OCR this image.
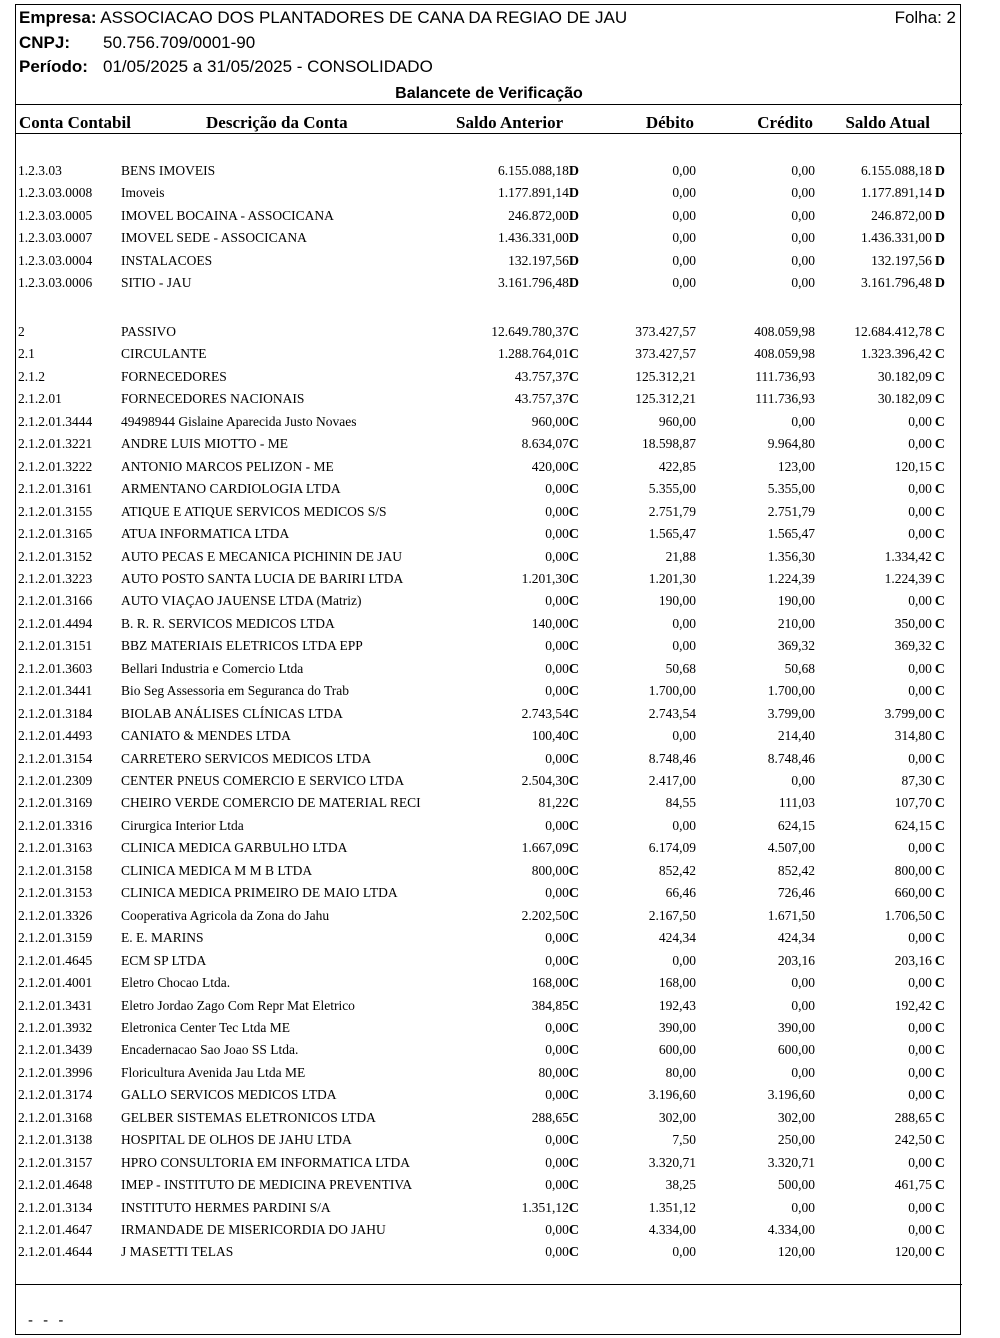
Empresa: ASSOCIACAO DOS PLANTADORES DE CANA DA REGIAO DE JAU	Folha: 2
CNPJ: 50.756.709/0001-90
Período: 01/05/2025 a 31/05/2025 - CONSOLIDADO
Balancete de Verificação
Conta Contabil	Descrição da Conta	Saldo Anterior	Débito	Crédito Saldo Atual
1.2.3.03	BENS IMOVEIS	6.155.088,18D	0,00	0,00	6.155.088,18 D
1.2.3.03.0008 Imoveis	1.177.891,14D	0,00	0,00	1.177.891,14 D
1.2.3.03.0005 IMOVEL BOCAINA - ASSOCICANA	246.872,00D	0,00	0,00	246.872,00 D
1.2.3.03.0007 IMOVEL SEDE - ASSOCICANA	1.436.331,00D	0,00	0,00	1.436.331,00 D
1.2.3.03.0004 INSTALACOES	132.197,56D	0,00	0,00	132.197,56 D
1.2.3.03.0006 SITIO - JAU	3.161.796,48D	0,00	0,00	3.161.796,48 D
2	PASSIVO	12.649.780,37C	373.427,57	408.059,98	12.684.412,78 C
2.1	CIRCULANTE	1.288.764,01C	373.427,57	408.059,98	1.323.396,42 C
2.1.2	FORNECEDORES	43.757,37C	125.312,21	111.736,93	30.182,09 C
2.1.2.01	FORNECEDORES NACIONAIS	43.757,37C	125.312,21	111.736,93	30.182,09 C
2.1.2.01.3444 49498944 Gislaine Aparecida Justo Novaes	960,00C	960,00	0,00	0,00 C
2.1.2.01.3221 ANDRE LUIS MIOTTO - ME	8.634,07C	18.598,87	9.964,80	0,00 C
2.1.2.01.3222 ANTONIO MARCOS PELIZON - ME	420,00C	422,85	123,00	120,15 C
2.1.2.01.3161 ARMENTANO CARDIOLOGIA LTDA	0,00C	5.355,00	5.355,00	0,00 C
2.1.2.01.3155 ATIQUE E ATIQUE SERVICOS MEDICOS S/S	0,00C	2.751,79	2.751,79	0,00 C
2.1.2.01.3165 ATUA INFORMATICA LTDA	0,00C	1.565,47	1.565,47	0,00 C
2.1.2.01.3152 AUTO PECAS E MECANICA PICHININ DE JAU	0,00C	21,88	1.356,30	1.334,42 C
2.1.2.01.3223 AUTO POSTO SANTA LUCIA DE BARIRI LTDA	1.201,30C	1.201,30	1.224,39	1.224,39 C
2.1.2.01.3166 AUTO VIAÇAO JAUENSE LTDA (Matriz)	0,00C	190,00	190,00	0,00 C
2.1.2.01.4494 B. R. R. SERVICOS MEDICOS LTDA	140,00C	0,00	210,00	350,00 C
2.1.2.01.3151 BBZ MATERIAIS ELETRICOS LTDA EPP	0,00C	0,00	369,32	369,32 C
2.1.2.01.3603 Bellari Industria e Comercio Ltda	0,00C	50,68	50,68	0,00 C
2.1.2.01.3441 Bio Seg Assessoria em Seguranca do Trab	0,00C	1.700,00	1.700,00	0,00 C
2.1.2.01.3184 BIOLAB ANÁLISES CLÍNICAS LTDA	2.743,54C	2.743,54	3.799,00	3.799,00 C
2.1.2.01.4493 CANIATO & MENDES LTDA	100,40C	0,00	214,40	314,80 C
2.1.2.01.3154 CARRETERO SERVICOS MEDICOS LTDA	0,00C	8.748,46	8.748,46	0,00 C
2.1.2.01.2309 CENTER PNEUS COMERCIO E SERVICO LTDA	2.504,30C	2.417,00	0,00	87,30 C
2.1.2.01.3169 CHEIRO VERDE COMERCIO DE MATERIAL RECI	81,22C	84,55	111,03	107,70 C
2.1.2.01.3316 Cirurgica Interior Ltda	0,00C	0,00	624,15	624,15 C
2.1.2.01.3163 CLINICA MEDICA GARBULHO LTDA	1.667,09C	6.174,09	4.507,00	0,00 C
2.1.2.01.3158 CLINICA MEDICA M M B LTDA	800,00C	852,42	852,42	800,00 C
2.1.2.01.3153 CLINICA MEDICA PRIMEIRO DE MAIO LTDA	0,00C	66,46	726,46	660,00 C
2.1.2.01.3326 Cooperativa Agricola da Zona do Jahu	2.202,50C	2.167,50	1.671,50	1.706,50 C
2.1.2.01.3159 E. E. MARINS	0,00C	424,34	424,34	0,00 C
2.1.2.01.4645 ECM SP LTDA	0,00C	0,00	203,16	203,16 C
2.1.2.01.4001 Eletro Chocao Ltda.	168,00C	168,00	0,00	0,00 C
2.1.2.01.3431 Eletro Jordao Zago Com Repr Mat Eletrico	384,85C	192,43	0,00	192,42 C
2.1.2.01.3932 Eletronica Center Tec Ltda ME	0,00C	390,00	390,00	0,00 C
2.1.2.01.3439 Encadernacao Sao Joao SS Ltda.	0,00C	600,00	600,00	0,00 C
2.1.2.01.3996 Floricultura Avenida Jau Ltda ME	80,00C	80,00	0,00	0,00 C
2.1.2.01.3174 GALLO SERVICOS MEDICOS LTDA	0,00C	3.196,60	3.196,60	0,00 C
2.1.2.01.3168 GELBER SISTEMAS ELETRONICOS LTDA	288,65C	302,00	302,00	288,65 C
2.1.2.01.3138 HOSPITAL DE OLHOS DE JAHU LTDA	0,00C	7,50	250,00	242,50 C
2.1.2.01.3157 HPRO CONSULTORIA EM INFORMATICA LTDA	0,00C	3.320,71	3.320,71	0,00 C
2.1.2.01.4648 IMEP - INSTITUTO DE MEDICINA PREVENTIVA	0,00C	38,25	500,00	461,75 C
2.1.2.01.3134 INSTITUTO HERMES PARDINI S/A	1.351,12C	1.351,12	0,00	0,00 C
2.1.2.01.4647 IRMANDADE DE MISERICORDIA DO JAHU	0,00C	4.334,00	4.334,00	0,00 C
2.1.2.01.4644 J MASETTI TELAS	0,00C	0,00	120,00	120,00 C
- - -
